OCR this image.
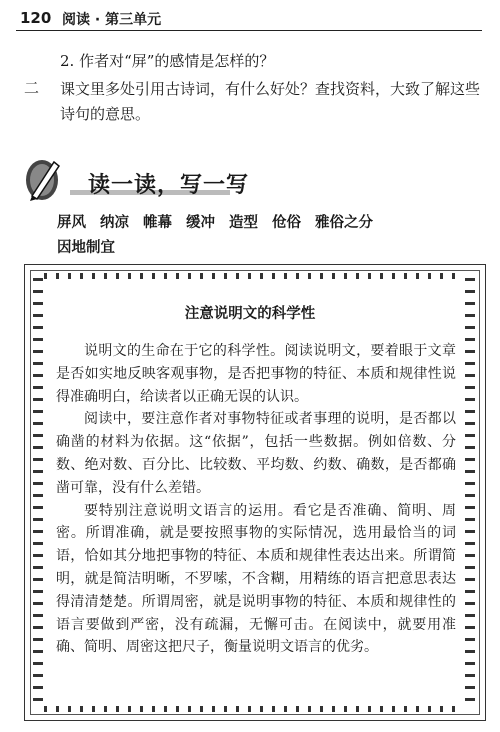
120 阅读 · 第三单元
2. 作者对“屏”的感情是怎样的？
二 课文里多处引用古诗词，有什么好处？查找资料，大致了解这些诗句的意思。
读一读，写一写
屏风 纳凉 帷幕 缓冲 造型 伧俗 雅俗之分
因地制宜
注意说明文的科学性

说明文的生命在于它的科学性。阅读说明文，要着眼于文章是否如实地反映客观事物，是否把事物的特征、本质和规律性说得准确明白，给读者以正确无误的认识。

阅读中，要注意作者对事物特征或者事理的说明，是否都以确凿的材料为依据。这“依据”，包括一些数据。例如倍数、分数、绝对数、百分比、比较数、平均数、约数、确数，是否都确凿可靠，没有什么差错。

要特别注意说明文语言的运用。看它是否准确、简明、周密。所谓准确，就是要按照事物的实际情况，选用最恰当的词语，恰如其分地把事物的特征、本质和规律性表达出来。所谓简明，就是简洁明晰，不罗嗦，不含糊，用精练的语言把意思表达得清清楚楚。所谓周密，就是说明事物的特征、本质和规律性的语言要做到严密，没有疏漏，无懈可击。在阅读中，就要用准确、简明、周密这把尺子，衡量说明文语言的优劣。
